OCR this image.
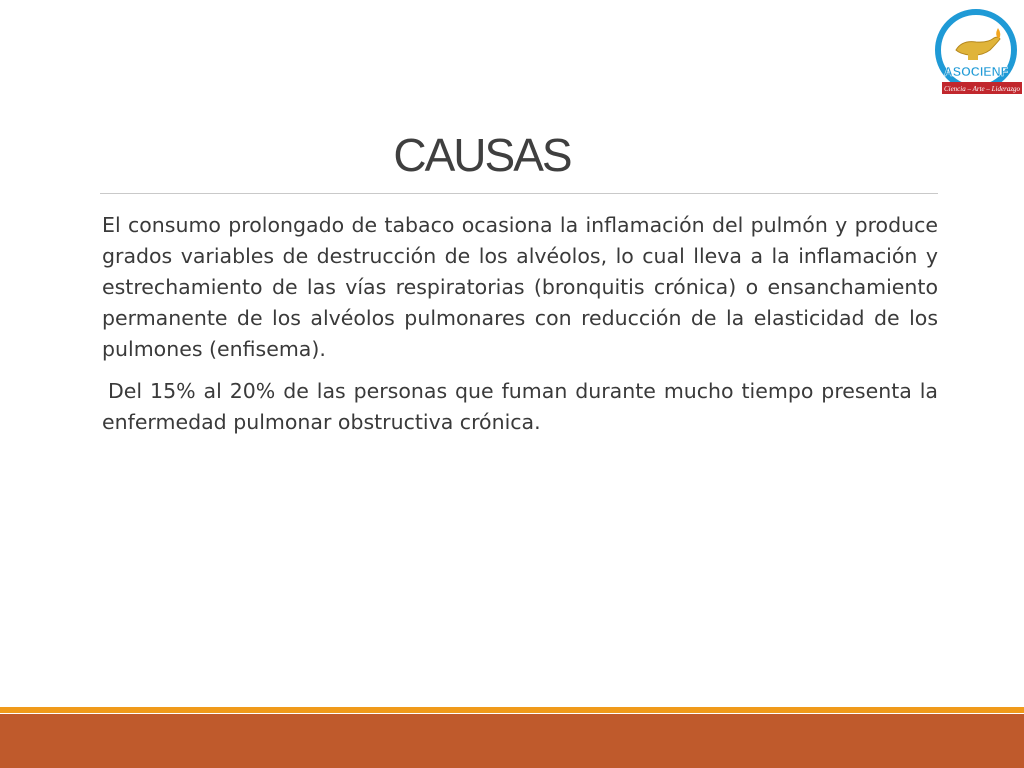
ASOCIENF
Ciencia – Arte – Liderazgo
CAUSAS

El consumo prolongado de tabaco ocasiona la inflamación del pulmón y produce grados variables de destrucción de los alvéolos, lo cual lleva a la inflamación y estrechamiento de las vías respiratorias (bronquitis crónica) o ensanchamiento permanente de los alvéolos pulmonares con reducción de la elasticidad de los pulmones (enfisema).

Del 15% al 20% de las personas que fuman durante mucho tiempo presenta la enfermedad pulmonar obstructiva crónica.
